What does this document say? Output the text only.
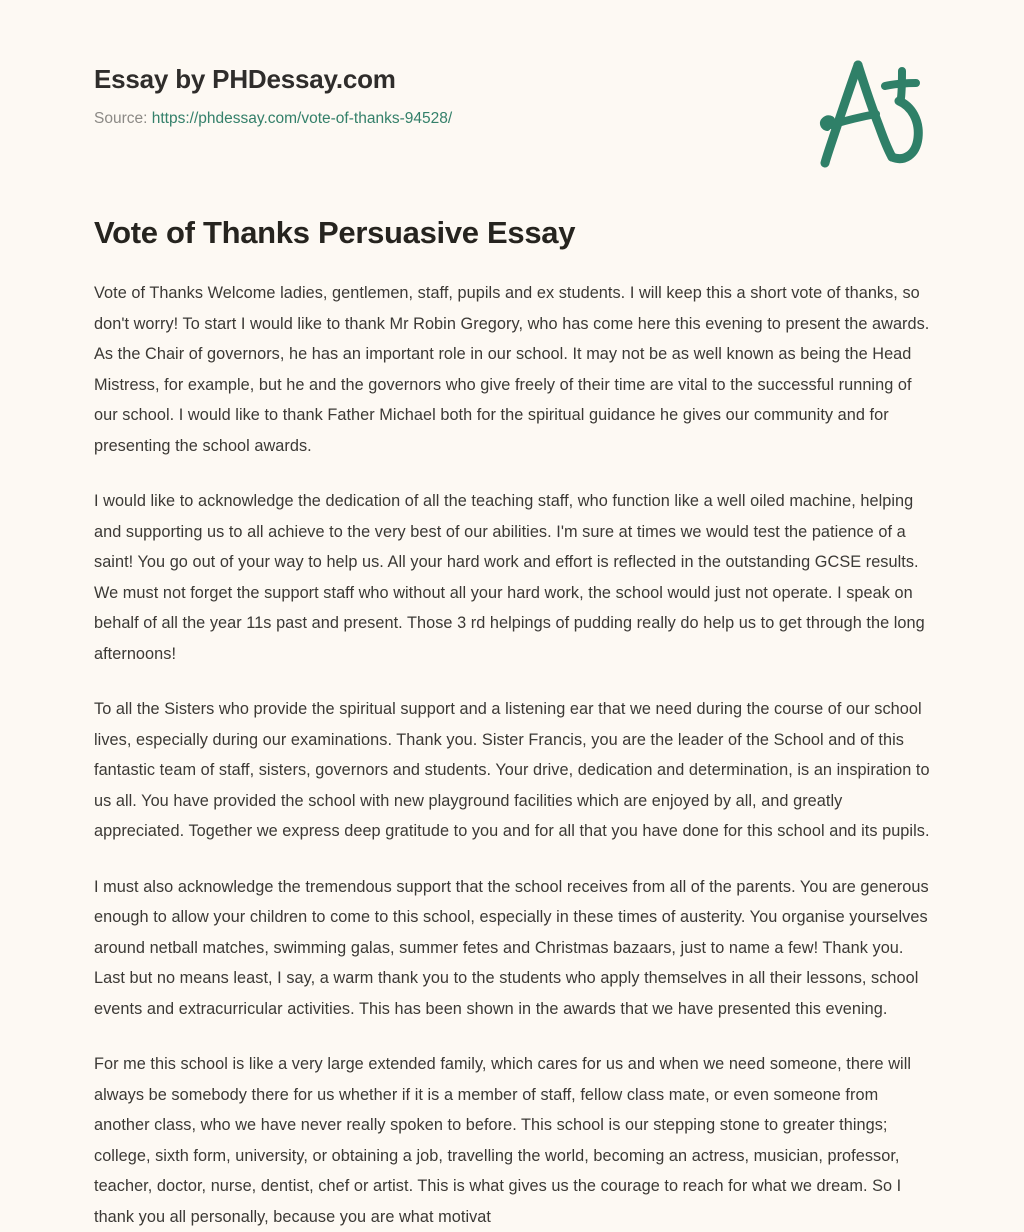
Essay by PHDessay.com
Source: https://phdessay.com/vote-of-thanks-94528/
Vote of Thanks Persuasive Essay

Vote of Thanks Welcome ladies, gentlemen, staff, pupils and ex students. I will keep this a short vote of thanks, so don't worry! To start I would like to thank Mr Robin Gregory, who has come here this evening to present the awards. As the Chair of governors, he has an important role in our school. It may not be as well known as being the Head Mistress, for example, but he and the governors who give freely of their time are vital to the successful running of our school. I would like to thank Father Michael both for the spiritual guidance he gives our community and for presenting the school awards.

I would like to acknowledge the dedication of all the teaching staff, who function like a well oiled machine, helping and supporting us to all achieve to the very best of our abilities. I'm sure at times we would test the patience of a saint! You go out of your way to help us. All your hard work and effort is reflected in the outstanding GCSE results. We must not forget the support staff who without all your hard work, the school would just not operate. I speak on behalf of all the year 11s past and present. Those 3 rd helpings of pudding really do help us to get through the long afternoons!

To all the Sisters who provide the spiritual support and a listening ear that we need during the course of our school lives, especially during our examinations. Thank you. Sister Francis, you are the leader of the School and of this fantastic team of staff, sisters, governors and students. Your drive, dedication and determination, is an inspiration to us all. You have provided the school with new playground facilities which are enjoyed by all, and greatly appreciated. Together we express deep gratitude to you and for all that you have done for this school and its pupils.

I must also acknowledge the tremendous support that the school receives from all of the parents. You are generous enough to allow your children to come to this school, especially in these times of austerity. You organise yourselves around netball matches, swimming galas, summer fetes and Christmas bazaars, just to name a few! Thank you. Last but no means least, I say, a warm thank you to the students who apply themselves in all their lessons, school events and extracurricular activities. This has been shown in the awards that we have presented this evening.

For me this school is like a very large extended family, which cares for us and when we need someone, there will always be somebody there for us whether if it is a member of staff, fellow class mate, or even someone from another class, who we have never really spoken to before. This school is our stepping stone to greater things; college, sixth form, university, or obtaining a job, travelling the world, becoming an actress, musician, professor, teacher, doctor, nurse, dentist, chef or artist. This is what gives us the courage to reach for what we dream. So I thank you all personally, because you are what motivat
